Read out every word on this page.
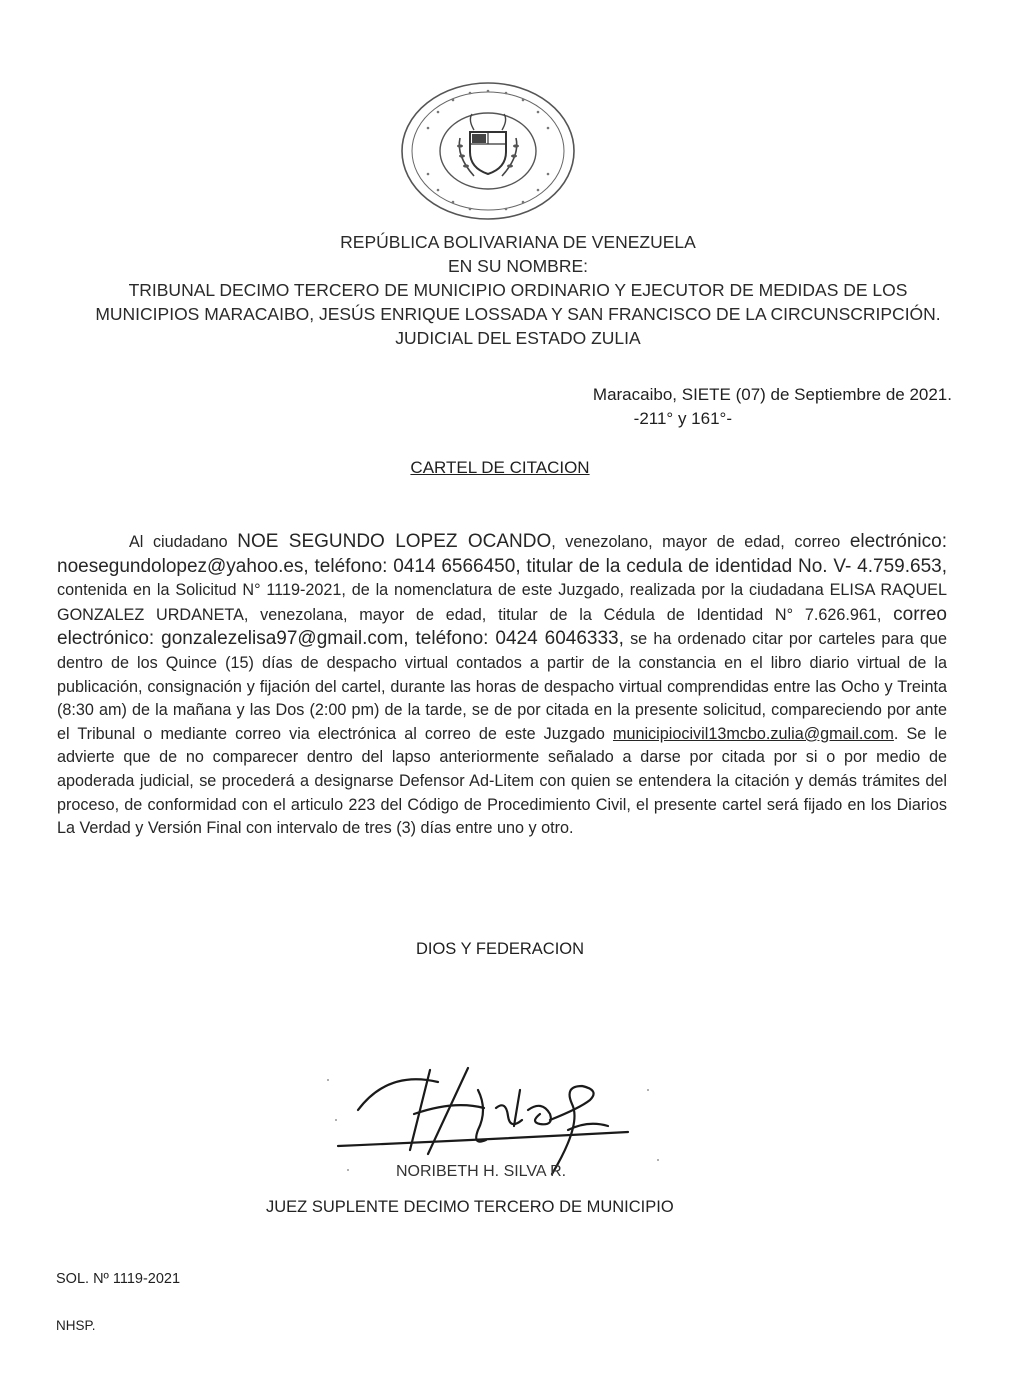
REPÚBLICA BOLIVARIANA DE VENEZUELA
EN SU NOMBRE:
TRIBUNAL DECIMO TERCERO DE MUNICIPIO ORDINARIO Y EJECUTOR DE MEDIDAS DE LOS
MUNICIPIOS MARACAIBO, JESÚS ENRIQUE LOSSADA Y SAN FRANCISCO DE LA CIRCUNSCRIPCIÓN.
JUDICIAL DEL ESTADO ZULIA
Maracaibo, SIETE (07) de Septiembre de 2021.
-211° y 161°-
CARTEL DE CITACION
Al ciudadano NOE SEGUNDO LOPEZ OCANDO, venezolano, mayor de edad, correo electrónico: noesegundolopez@yahoo.es, teléfono: 0414 6566450, titular de la cedula de identidad No. V- 4.759.653, contenida en la Solicitud N° 1119-2021, de la nomenclatura de este Juzgado, realizada por la ciudadana ELISA RAQUEL GONZALEZ URDANETA, venezolana, mayor de edad, titular de la Cédula de Identidad N° 7.626.961, correo electrónico: gonzalezelisa97@gmail.com, teléfono: 0424 6046333, se ha ordenado citar por carteles para que dentro de los Quince (15) días de despacho virtual contados a partir de la constancia en el libro diario virtual de la publicación, consignación y fijación del cartel, durante las horas de despacho virtual comprendidas entre las Ocho y Treinta (8:30 am) de la mañana y las Dos (2:00 pm) de la tarde, se de por citada en la presente solicitud, compareciendo por ante el Tribunal o mediante correo via electrónica al correo de este Juzgado municipiocivil13mcbo.zulia@gmail.com. Se le advierte que de no comparecer dentro del lapso anteriormente señalado a darse por citada por si o por medio de apoderada judicial, se procederá a designarse Defensor Ad-Litem con quien se entendera la citación y demás trámites del proceso, de conformidad con el articulo 223 del Código de Procedimiento Civil, el presente cartel será fijado en los Diarios La Verdad y Versión Final con intervalo de tres (3) días entre uno y otro.
DIOS Y FEDERACION
NORIBETH H. SILVA R.
JUEZ SUPLENTE DECIMO TERCERO DE MUNICIPIO
SOL. Nº 1119-2021
NHSP.
